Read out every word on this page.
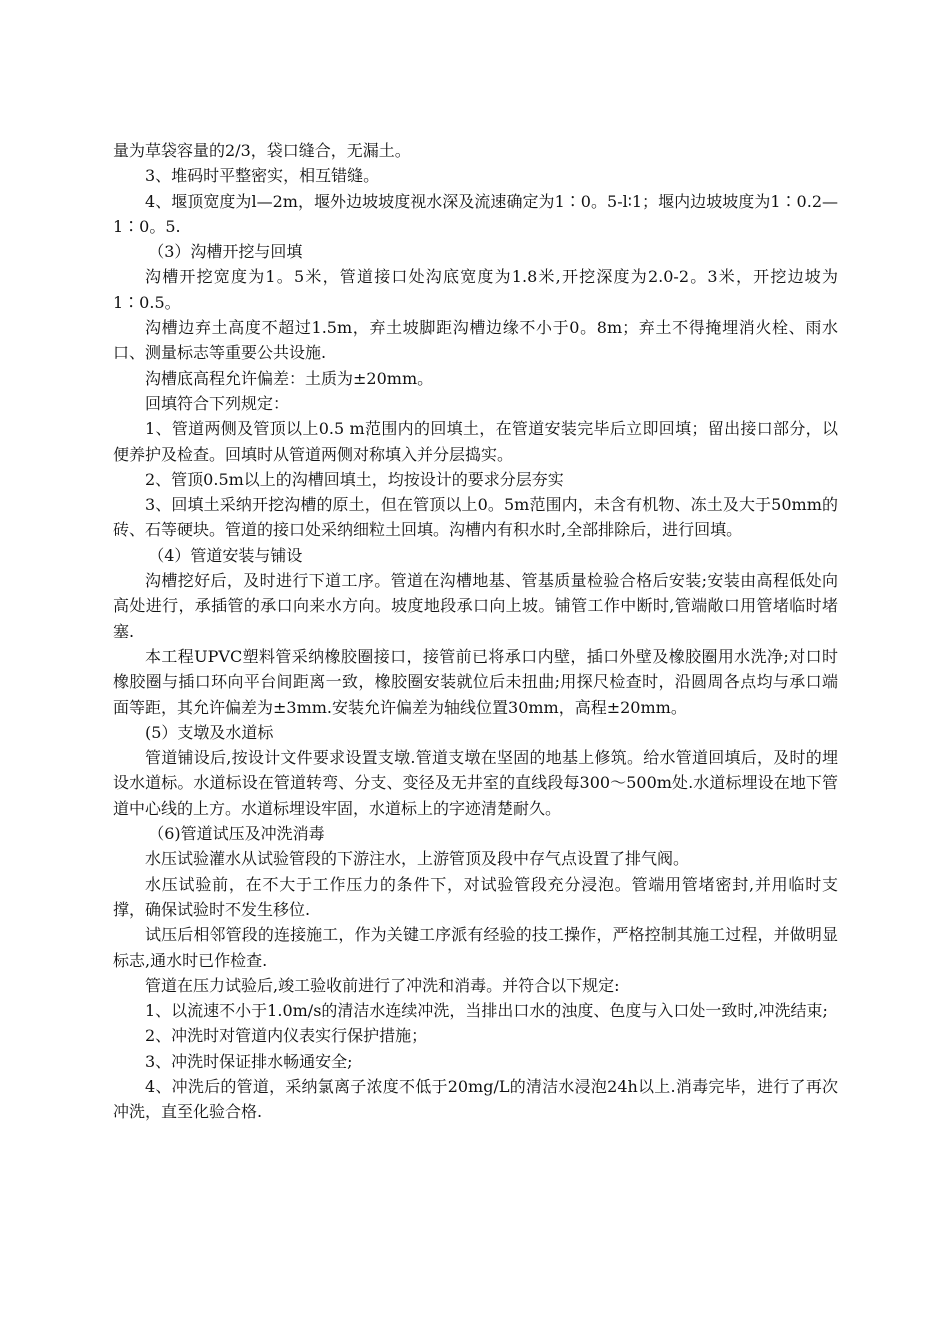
量为草袋容量的2/3，袋口缝合，无漏土。

3、堆码时平整密实，相互错缝。

4、堰顶宽度为l—2m，堰外边坡坡度视水深及流速确定为1∶0。5-l∶1；堰内边坡坡度为1∶0.2—1∶0。5.

（3）沟槽开挖与回填

沟槽开挖宽度为1。5米，管道接口处沟底宽度为1.8米,开挖深度为2.0-2。3米，开挖边坡为1∶0.5。

沟槽边弃土高度不超过1.5m，弃土坡脚距沟槽边缘不小于0。8m；弃土不得掩埋消火栓、雨水口、测量标志等重要公共设施.

沟槽底高程允许偏差：土质为±20mm。

回填符合下列规定：

1、管道两侧及管顶以上0.5 m范围内的回填土，在管道安装完毕后立即回填；留出接口部分，以便养护及检查。回填时从管道两侧对称填入并分层捣实。

2、管顶0.5m以上的沟槽回填土，均按设计的要求分层夯实

3、回填土采纳开挖沟槽的原土，但在管顶以上0。5m范围内，未含有机物、冻土及大于50mm的砖、石等硬块。管道的接口处采纳细粒土回填。沟槽内有积水时,全部排除后，进行回填。

（4）管道安装与铺设

沟槽挖好后，及时进行下道工序。管道在沟槽地基、管基质量检验合格后安装;安装由高程低处向高处进行，承插管的承口向来水方向。坡度地段承口向上坡。铺管工作中断时,管端敞口用管堵临时堵塞.

本工程UPVC塑料管采纳橡胶圈接口，接管前已将承口内壁，插口外壁及橡胶圈用水洗净;对口时橡胶圈与插口环向平台间距离一致，橡胶圈安装就位后未扭曲;用探尺检查时，沿圆周各点均与承口端面等距，其允许偏差为±3mm.安装允许偏差为轴线位置30mm，高程±20mm。

(5）支墩及水道标

管道铺设后,按设计文件要求设置支墩.管道支墩在坚固的地基上修筑。给水管道回填后，及时的埋设水道标。水道标设在管道转弯、分支、变径及无井室的直线段每300～500m处.水道标埋设在地下管道中心线的上方。水道标埋设牢固，水道标上的字迹清楚耐久。

（6)管道试压及冲洗消毒

水压试验灌水从试验管段的下游注水，上游管顶及段中存气点设置了排气阀。

水压试验前，在不大于工作压力的条件下，对试验管段充分浸泡。管端用管堵密封,并用临时支撑，确保试验时不发生移位.

试压后相邻管段的连接施工，作为关键工序派有经验的技工操作，严格控制其施工过程，并做明显标志,通水时已作检查.

管道在压力试验后,竣工验收前进行了冲洗和消毒。并符合以下规定:

1、以流速不小于1.0m/s的清洁水连续冲洗，当排出口水的浊度、色度与入口处一致时,冲洗结束;

2、冲洗时对管道内仪表实行保护措施；

3、冲洗时保证排水畅通安全;

4、冲洗后的管道，采纳氯离子浓度不低于20mg/L的清洁水浸泡24h以上.消毒完毕，进行了再次冲洗，直至化验合格.
